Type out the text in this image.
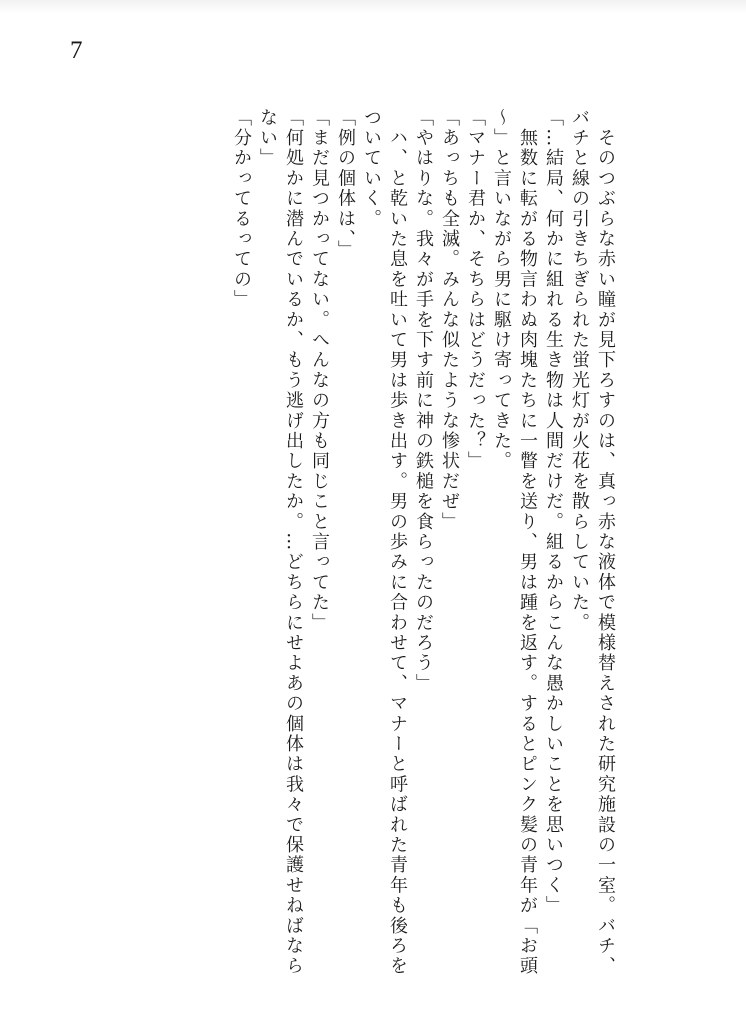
7

　そのつぶらな赤い瞳が見下ろすのは、真っ赤な液体で模様替えされた研究施設の一室。バチ、バチと線の引きちぎられた蛍光灯が火花を散らしていた。

「…結局、何かに組れる生き物は人間だけだ。組るからこんな愚かしいことを思いつく」

　無数に転がる物言わぬ肉塊たちに一瞥を送り、男は踵を返す。するとピンク髪の青年が「お頭〜」と言いながら男に駆け寄ってきた。

「マナー君か、そちらはどうだった？」

「あっちも全滅。みんな似たような惨状だぜ」

「やはりな。我々が手を下す前に神の鉄槌を食らったのだろう」

　ハ、と乾いた息を吐いて男は歩き出す。男の歩みに合わせて、マナーと呼ばれた青年も後ろをついていく。

「例の個体は、」

「まだ見つかってない。へんなの方も同じこと言ってた」

「何処かに潜んでいるか、もう逃げ出したか。…どちらにせよあの個体は我々で保護せねばならない」

「分かってるっての」
